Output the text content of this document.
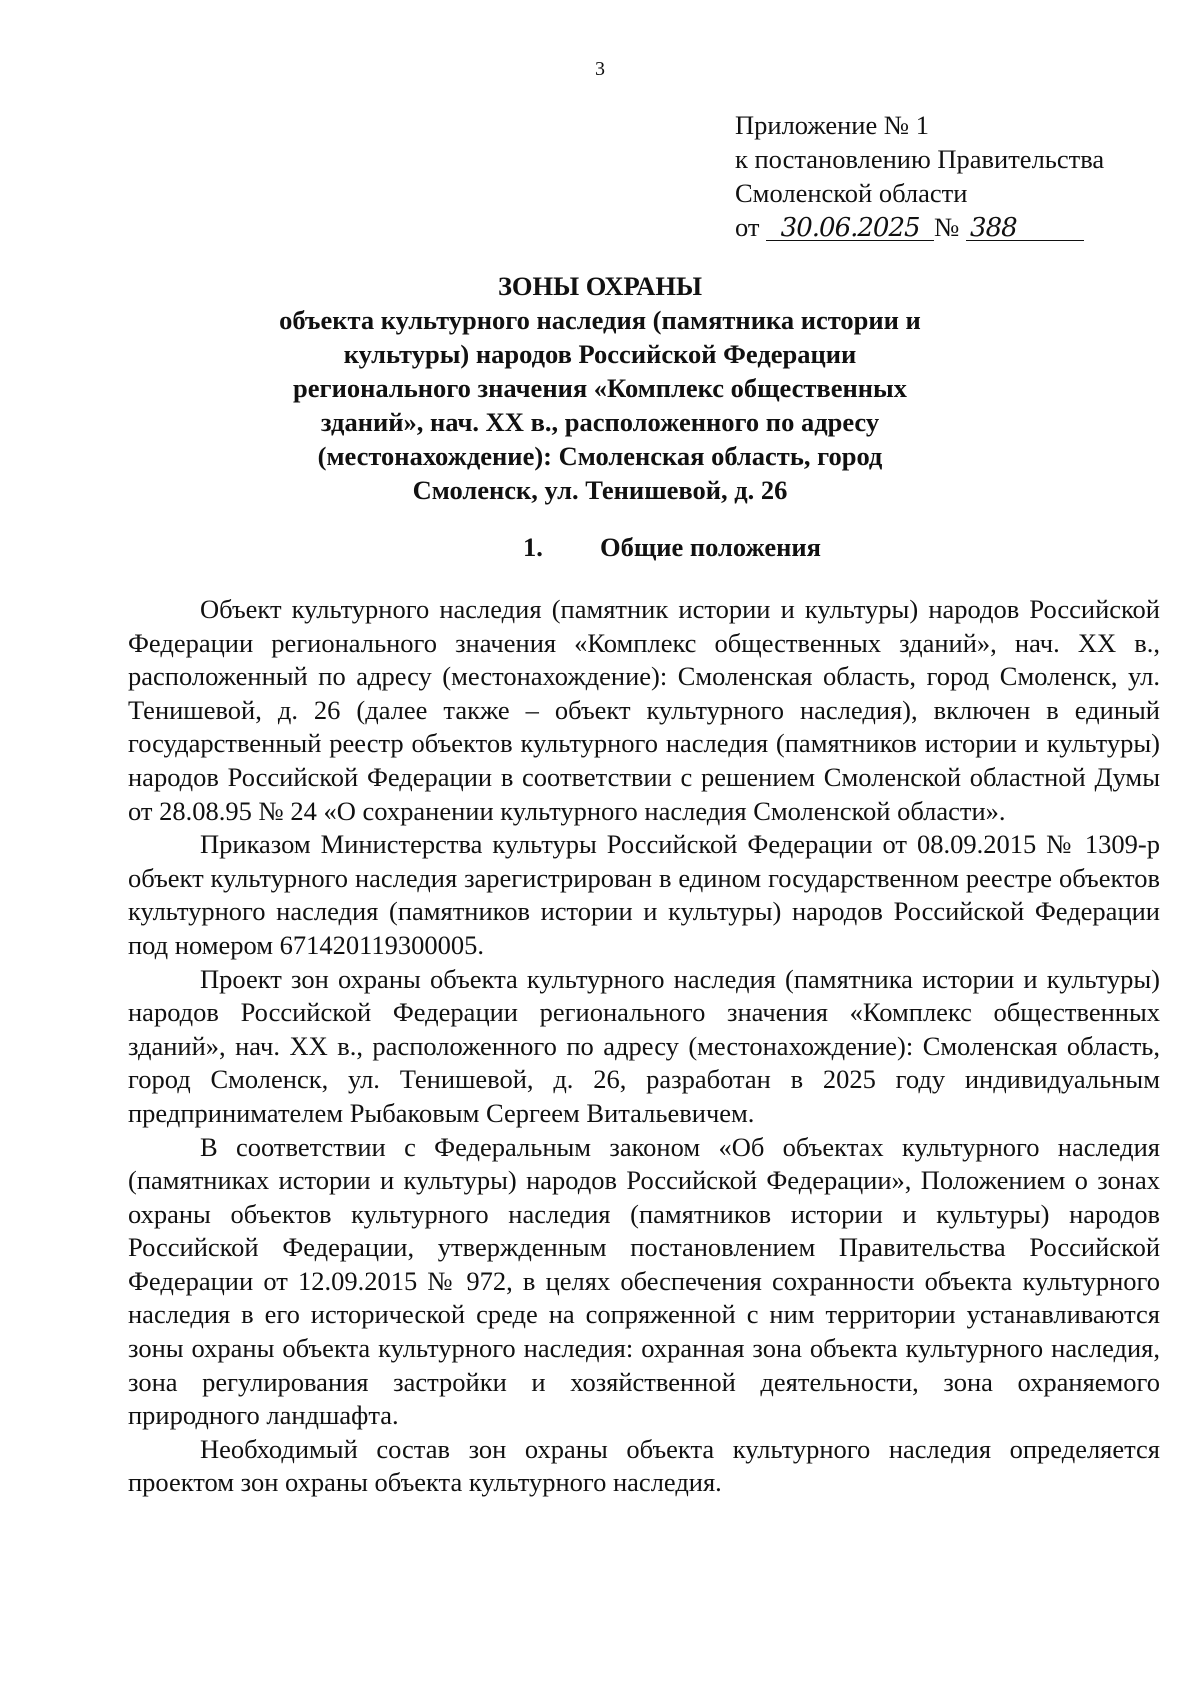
3
Приложение № 1
к постановлению Правительства
Смоленской области
от 30.06.2025 № 388
ЗОНЫ ОХРАНЫ
объекта культурного наследия (памятника истории и
культуры) народов Российской Федерации
регионального значения «Комплекс общественных
зданий», нач. XX в., расположенного по адресу
(местонахождение): Смоленская область, город
Смоленск, ул. Тенишевой, д. 26
1. Общие положения

Объект культурного наследия (памятник истории и культуры) народов Российской Федерации регионального значения «Комплекс общественных зданий», нач. XX в., расположенный по адресу (местонахождение): Смоленская область, город Смоленск, ул. Тенишевой, д. 26 (далее также – объект культурного наследия), включен в единый государственный реестр объектов культурного наследия (памятников истории и культуры) народов Российской Федерации в соответствии с решением Смоленской областной Думы от 28.08.95 № 24 «О сохранении культурного наследия Смоленской области».

Приказом Министерства культуры Российской Федерации от 08.09.2015 № 1309-р объект культурного наследия зарегистрирован в едином государственном реестре объектов культурного наследия (памятников истории и культуры) народов Российской Федерации под номером 671420119300005.

Проект зон охраны объекта культурного наследия (памятника истории и культуры) народов Российской Федерации регионального значения «Комплекс общественных зданий», нач. XX в., расположенного по адресу (местонахождение): Смоленская область, город Смоленск, ул. Тенишевой, д. 26, разработан в 2025 году индивидуальным предпринимателем Рыбаковым Сергеем Витальевичем.

В соответствии с Федеральным законом «Об объектах культурного наследия (памятниках истории и культуры) народов Российской Федерации», Положением о зонах охраны объектов культурного наследия (памятников истории и культуры) народов Российской Федерации, утвержденным постановлением Правительства Российской Федерации от 12.09.2015 № 972, в целях обеспечения сохранности объекта культурного наследия в его исторической среде на сопряженной с ним территории устанавливаются зоны охраны объекта культурного наследия: охранная зона объекта культурного наследия, зона регулирования застройки и хозяйственной деятельности, зона охраняемого природного ландшафта.

Необходимый состав зон охраны объекта культурного наследия определяется проектом зон охраны объекта культурного наследия.
